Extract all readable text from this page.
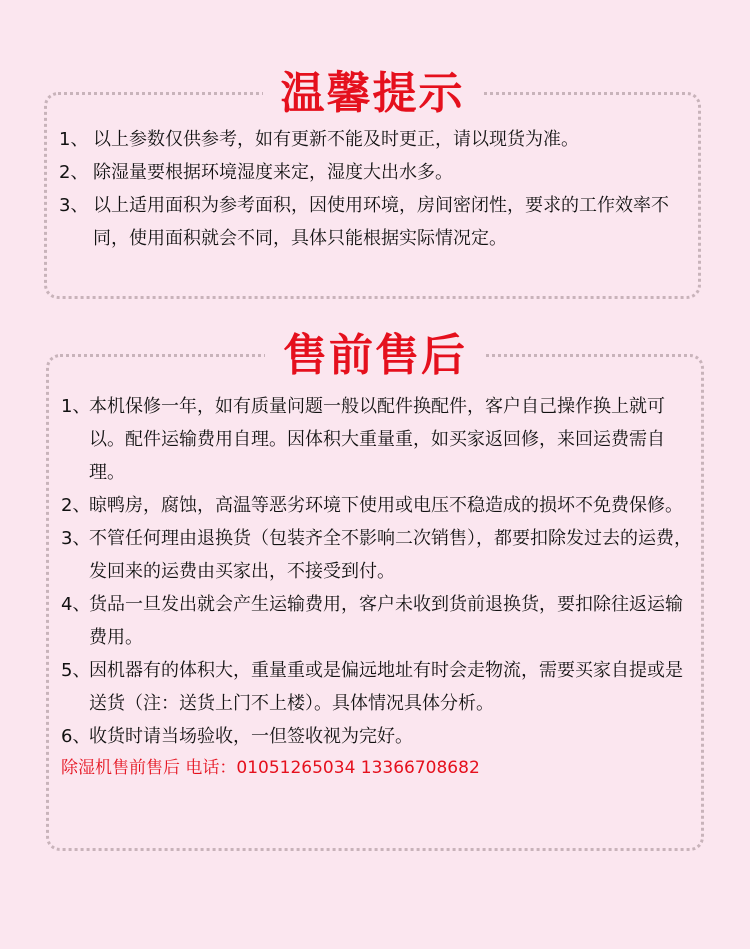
温馨提示
1、 以上参数仅供参考，如有更新不能及时更正，请以现货为准。
2、 除湿量要根据环境湿度来定，湿度大出水多。
3、 以上适用面积为参考面积，因使用环境，房间密闭性，要求的工作效率不同，使用面积就会不同，具体只能根据实际情况定。
售前售后
1、
本机保修一年，如有质量问题一般以配件换配件，客户自己操作换上就可以。配件运输费用自理。因体积大重量重，如买家返回修，来回运费需自理。
2、
晾鸭房，腐蚀，高温等恶劣环境下使用或电压不稳造成的损坏不免费保修。
3、
不管任何理由退换货（包装齐全不影响二次销售），都要扣除发过去的运费，发回来的运费由买家出，不接受到付。
4、
货品一旦发出就会产生运输费用，客户未收到货前退换货，要扣除往返运输费用。
5、
因机器有的体积大，重量重或是偏远地址有时会走物流，需要买家自提或是送货（注：送货上门不上楼）。具体情况具体分析。
6、
收货时请当场验收，一但签收视为完好。
除湿机售前售后 电话：01051265034 13366708682
